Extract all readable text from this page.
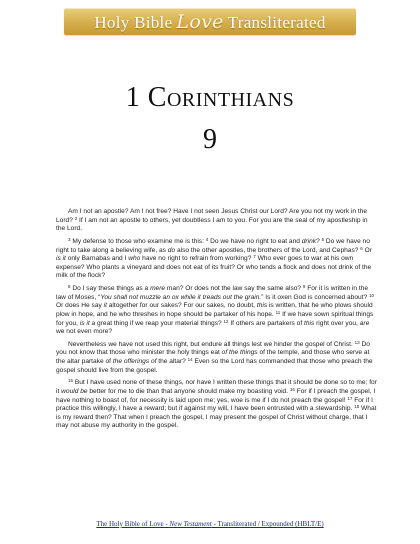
Holy Bible Love Transliterated
1 Corinthians
9

Am I not an apostle? Am I not free? Have I not seen Jesus Christ our Lord? Are you not my work in the Lord? $^2$ If I am not an apostle to others, yet doubtless I am to you. For you are the seal of my apostleship in the Lord.

$^3$ My defense to those who examine me is this: $^4$ Do we have no right to eat and drink? $^5$ Do we have no right to take along a believing wife, as do also the other apostles, the brothers of the Lord, and Cephas? $^6$ Or is it only Barnabas and I who have no right to refrain from working? $^7$ Who ever goes to war at his own expense? Who plants a vineyard and does not eat of its fruit? Or who tends a flock and does not drink of the milk of the flock?

$^8$ Do I say these things as a mere man? Or does not the law say the same also? $^9$ For it is written in the law of Moses, “You shall not muzzle an ox while it treads out the grain.” Is it oxen God is concerned about? $^{10}$ Or does He say it altogether for our sakes? For our sakes, no doubt, this is written, that he who plows should plow in hope, and he who threshes in hope should be partaker of his hope. $^{11}$ If we have sown spiritual things for you, is it a great thing if we reap your material things? $^{12}$ If others are partakers of this right over you, are we not even more?

Nevertheless we have not used this right, but endure all things lest we hinder the gospel of Christ. $^{13}$ Do you not know that those who minister the holy things eat of the things of the temple, and those who serve at the altar partake of the offerings of the altar? $^{14}$ Even so the Lord has commanded that those who preach the gospel should live from the gospel.

$^{15}$ But I have used none of these things, nor have I written these things that it should be done so to me; for it would be better for me to die than that anyone should make my boasting void. $^{16}$ For if I preach the gospel, I have nothing to boast of, for necessity is laid upon me; yes, woe is me if I do not preach the gospel! $^{17}$ For if I practice this willingly, I have a reward; but if against my will, I have been entrusted with a stewardship. $^{18}$ What is my reward then? That when I preach the gospel, I may present the gospel of Christ without charge, that I may not abuse my authority in the gospel.

The Holy Bible of Love - New Testament - Transliterated / Expounded (HBLT/E)
